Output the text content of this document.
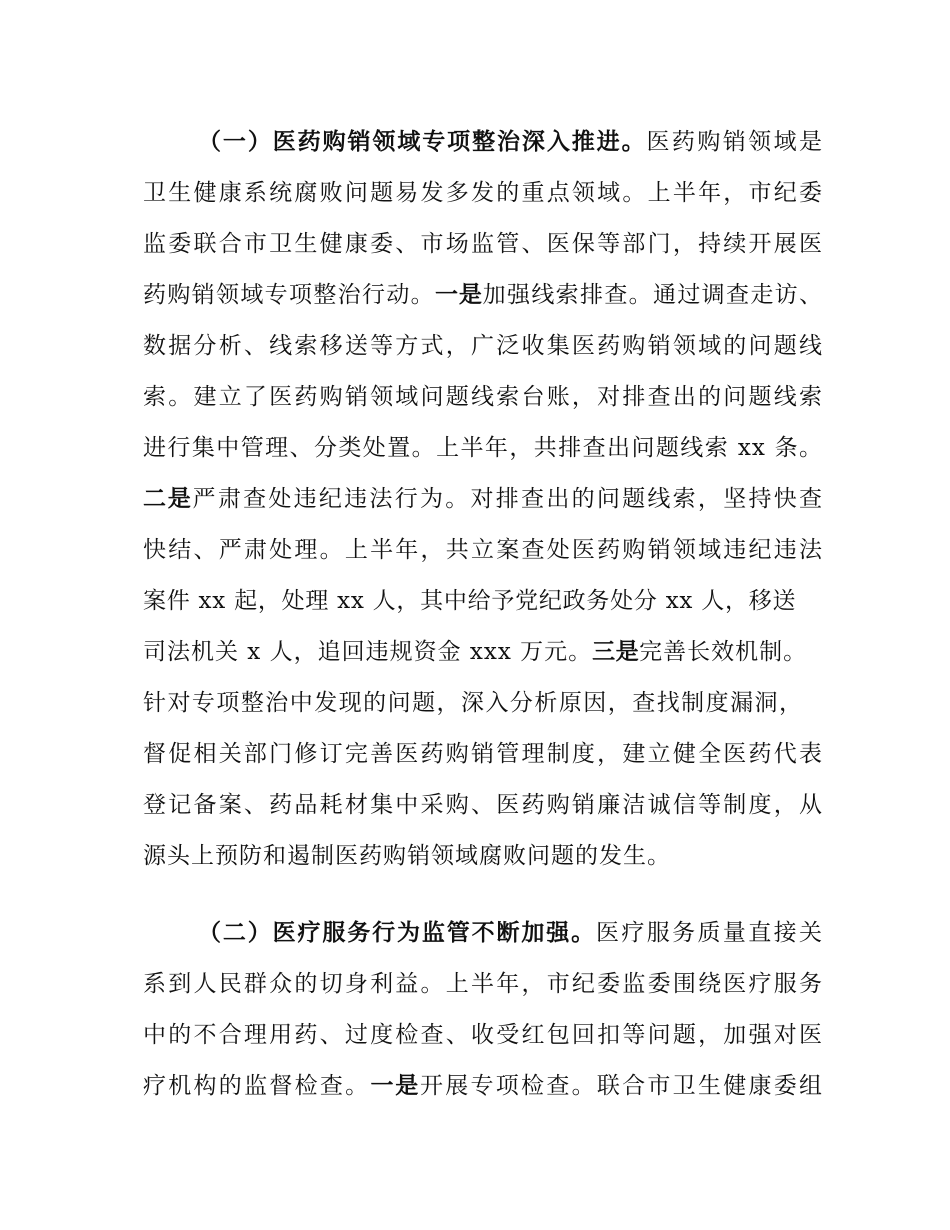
（一）医药购销领域专项整治深入推进。医药购销领域是

卫生健康系统腐败问题易发多发的重点领域。上半年，市纪委

监委联合市卫生健康委、市场监管、医保等部门，持续开展医

药购销领域专项整治行动。一是加强线索排查。通过调查走访、

数据分析、线索移送等方式，广泛收集医药购销领域的问题线

索。建立了医药购销领域问题线索台账，对排查出的问题线索

进行集中管理、分类处置。上半年，共排查出问题线索 xx 条。

二是严肃查处违纪违法行为。对排查出的问题线索，坚持快查

快结、严肃处理。上半年，共立案查处医药购销领域违纪违法

案件 xx 起，处理 xx 人，其中给予党纪政务处分 xx 人，移送

司法机关 x 人，追回违规资金 xxx 万元。三是完善长效机制。

针对专项整治中发现的问题，深入分析原因，查找制度漏洞，

督促相关部门修订完善医药购销管理制度，建立健全医药代表

登记备案、药品耗材集中采购、医药购销廉洁诚信等制度，从

源头上预防和遏制医药购销领域腐败问题的发生。

（二）医疗服务行为监管不断加强。医疗服务质量直接关

系到人民群众的切身利益。上半年，市纪委监委围绕医疗服务

中的不合理用药、过度检查、收受红包回扣等问题，加强对医

疗机构的监督检查。一是开展专项检查。联合市卫生健康委组
